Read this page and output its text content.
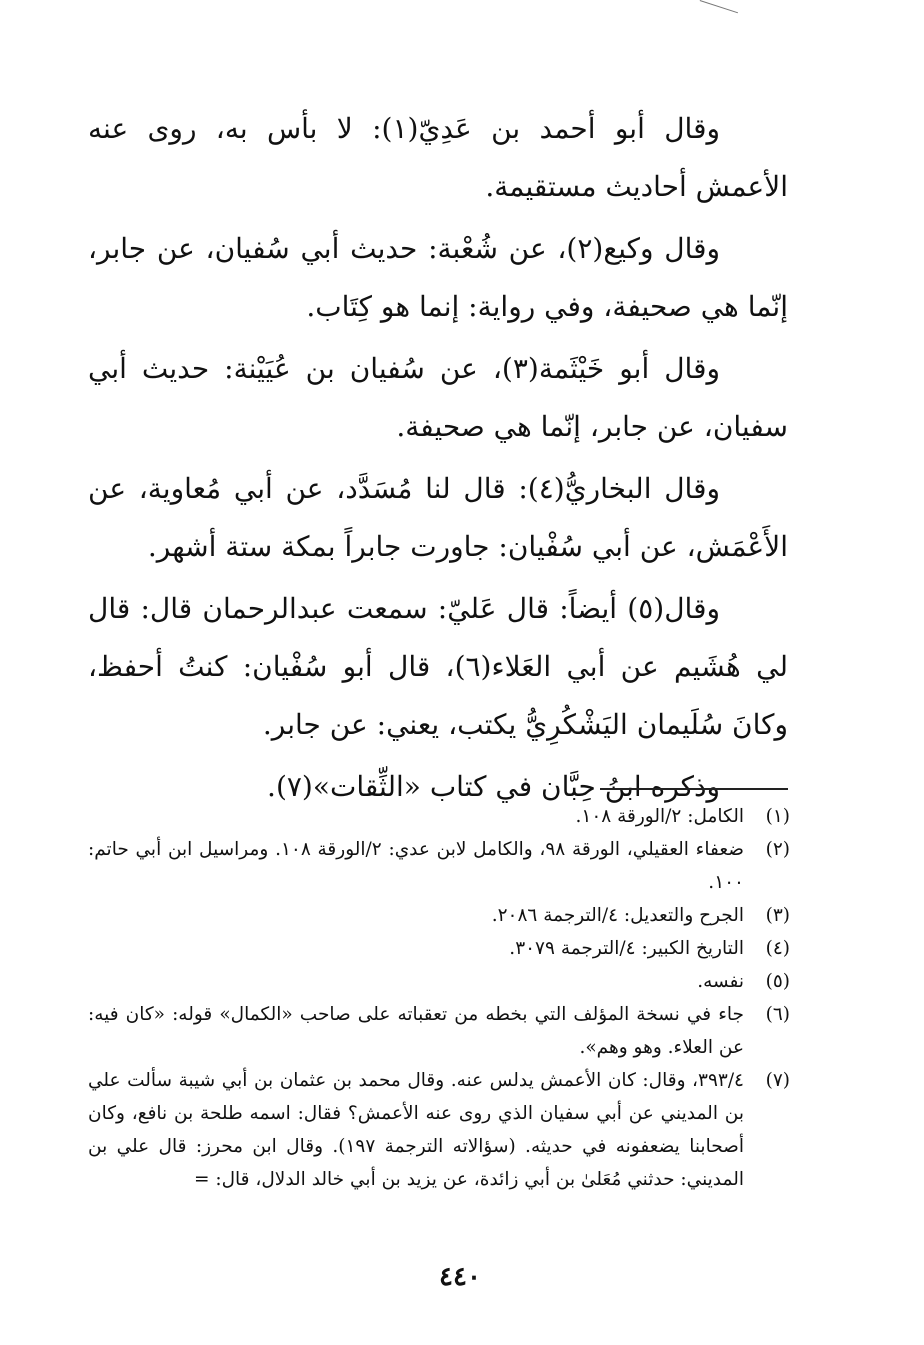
وقال أبو أحمد بن عَدِيّ(١): لا بأس به، روى عنه الأعمش أحاديث مستقيمة.

وقال وكيع(٢)، عن شُعْبة: حديث أبي سُفيان، عن جابر، إنّما هي صحيفة، وفي رواية: إنما هو كِتَاب.

وقال أبو خَيْثَمة(٣)، عن سُفيان بن عُيَيْنة: حديث أبي سفيان، عن جابر، إنّما هي صحيفة.

وقال البخاريُّ(٤): قال لنا مُسَدَّد، عن أبي مُعاوية، عن الأَعْمَش، عن أبي سُفْيان: جاورت جابراً بمكة ستة أشهر.

وقال(٥) أيضاً: قال عَليّ: سمعت عبدالرحمان قال: قال لي هُشَيم عن أبي العَلاء(٦)، قال أبو سُفْيان: كنتُ أحفظ، وكانَ سُلَيمان اليَشْكُرِيُّ يكتب، يعني: عن جابر.

وذكره ابنُ حِبَّان في كتاب «الثِّقات»(٧).

(١)
الكامل: ٢/الورقة ١٠٨.
(٢)
ضعفاء العقيلي، الورقة ٩٨، والكامل لابن عدي: ٢/الورقة ١٠٨. ومراسيل ابن أبي حاتم: ١٠٠.
(٣)
الجرح والتعديل: ٤/الترجمة ٢٠٨٦.
(٤)
التاريخ الكبير: ٤/الترجمة ٣٠٧٩.
(٥)
نفسه.
(٦)
جاء في نسخة المؤلف التي بخطه من تعقباته على صاحب «الكمال» قوله: «كان فيه: عن العلاء. وهو وهم».
(٧)
٣٩٣/٤، وقال: كان الأعمش يدلس عنه. وقال محمد بن عثمان بن أبي شيبة سألت علي بن المديني عن أبي سفيان الذي روى عنه الأعمش؟ فقال: اسمه طلحة بن نافع، وكان أصحابنا يضعفونه في حديثه. (سؤالاته الترجمة ١٩٧). وقال ابن محرز: قال علي بن المديني: حدثني مُعَلىٰ بن أبي زائدة، عن يزيد بن أبي خالد الدلال، قال: =
٤٤٠
